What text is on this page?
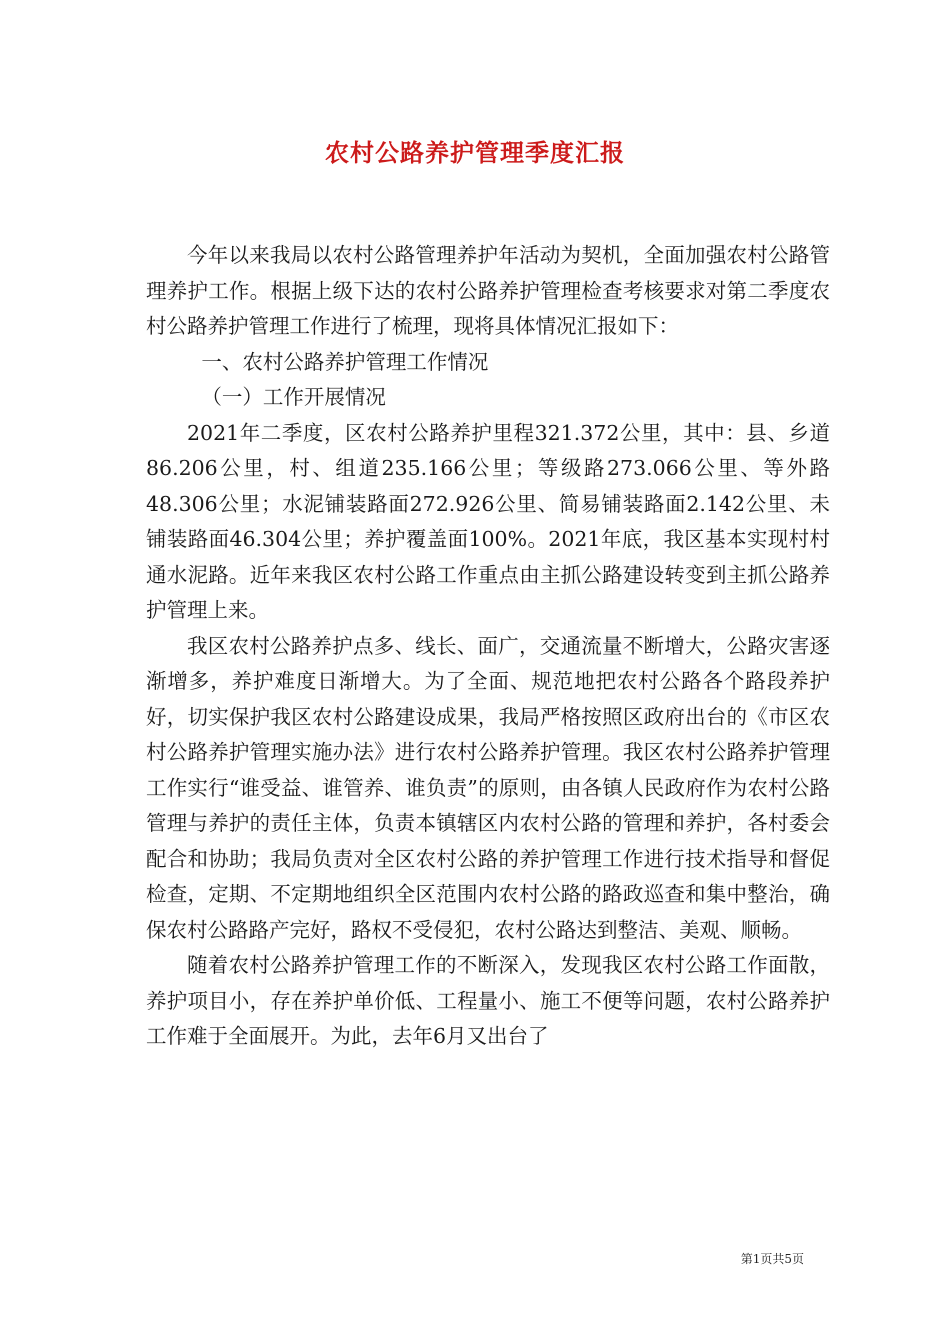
农村公路养护管理季度汇报

今年以来我局以农村公路管理养护年活动为契机，全面加强农村公路管理养护工作。根据上级下达的农村公路养护管理检查考核要求对第二季度农村公路养护管理工作进行了梳理，现将具体情况汇报如下：

一、农村公路养护管理工作情况

（一）工作开展情况

2021年二季度，区农村公路养护里程321.372公里，其中：县、乡道86.206公里，村、组道235.166公里；等级路273.066公里、等外路48.306公里；水泥铺装路面272.926公里、简易铺装路面2.142公里、未铺装路面46.304公里；养护覆盖面100%。2021年底，我区基本实现村村通水泥路。近年来我区农村公路工作重点由主抓公路建设转变到主抓公路养护管理上来。

我区农村公路养护点多、线长、面广，交通流量不断增大，公路灾害逐渐增多，养护难度日渐增大。为了全面、规范地把农村公路各个路段养护好，切实保护我区农村公路建设成果，我局严格按照区政府出台的《市区农村公路养护管理实施办法》进行农村公路养护管理。我区农村公路养护管理工作实行“谁受益、谁管养、谁负责”的原则，由各镇人民政府作为农村公路管理与养护的责任主体，负责本镇辖区内农村公路的管理和养护，各村委会配合和协助；我局负责对全区农村公路的养护管理工作进行技术指导和督促检查，定期、不定期地组织全区范围内农村公路的路政巡查和集中整治，确保农村公路路产完好，路权不受侵犯，农村公路达到整洁、美观、顺畅。

随着农村公路养护管理工作的不断深入，发现我区农村公路工作面散，养护项目小，存在养护单价低、工程量小、施工不便等问题，农村公路养护工作难于全面展开。为此，去年6月又出台了

第1页共5页
